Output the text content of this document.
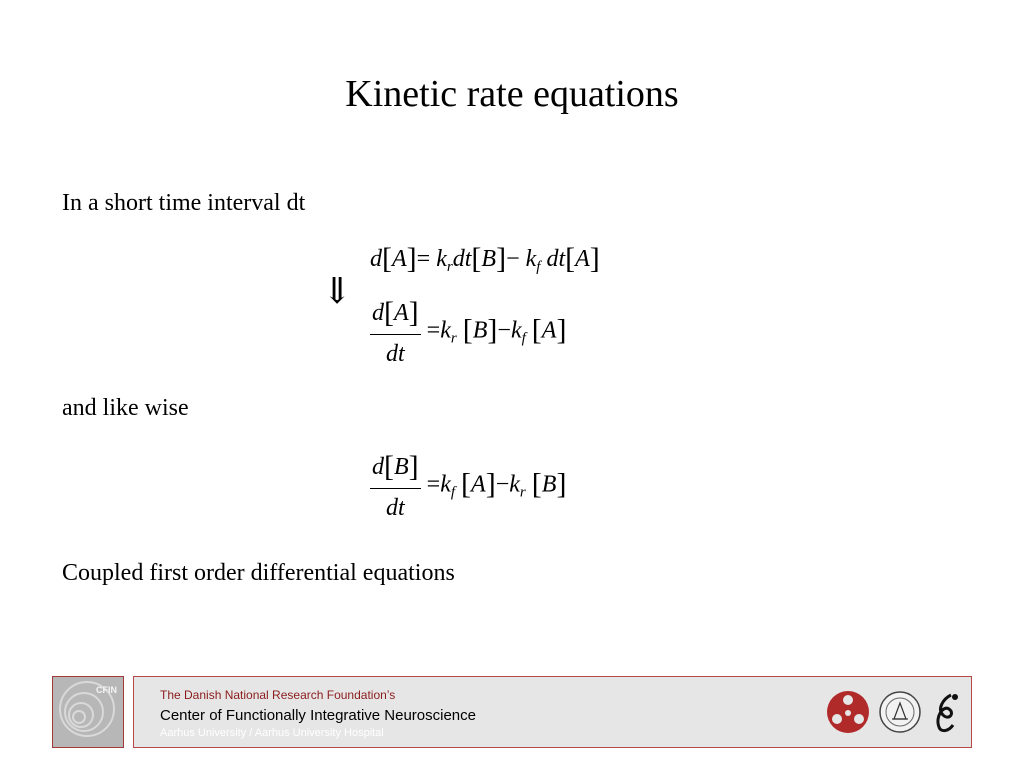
Kinetic rate equations
In a short time interval dt
$d[A]= k_rdt[B]- k_f$ dt[A]
⇓
$\frac{d[A]}{dt} =k_r$ $[B]-k_f$ [A]
and like wise
$\frac{d[B]}{dt} =k_f$ $[A]-k_r$ [B]
Coupled first order differential equations
CFIN	The Danish National Research Foundation’s
Center of Functionally Integrative Neuroscience
Aarhus University / Aarhus University Hospital
